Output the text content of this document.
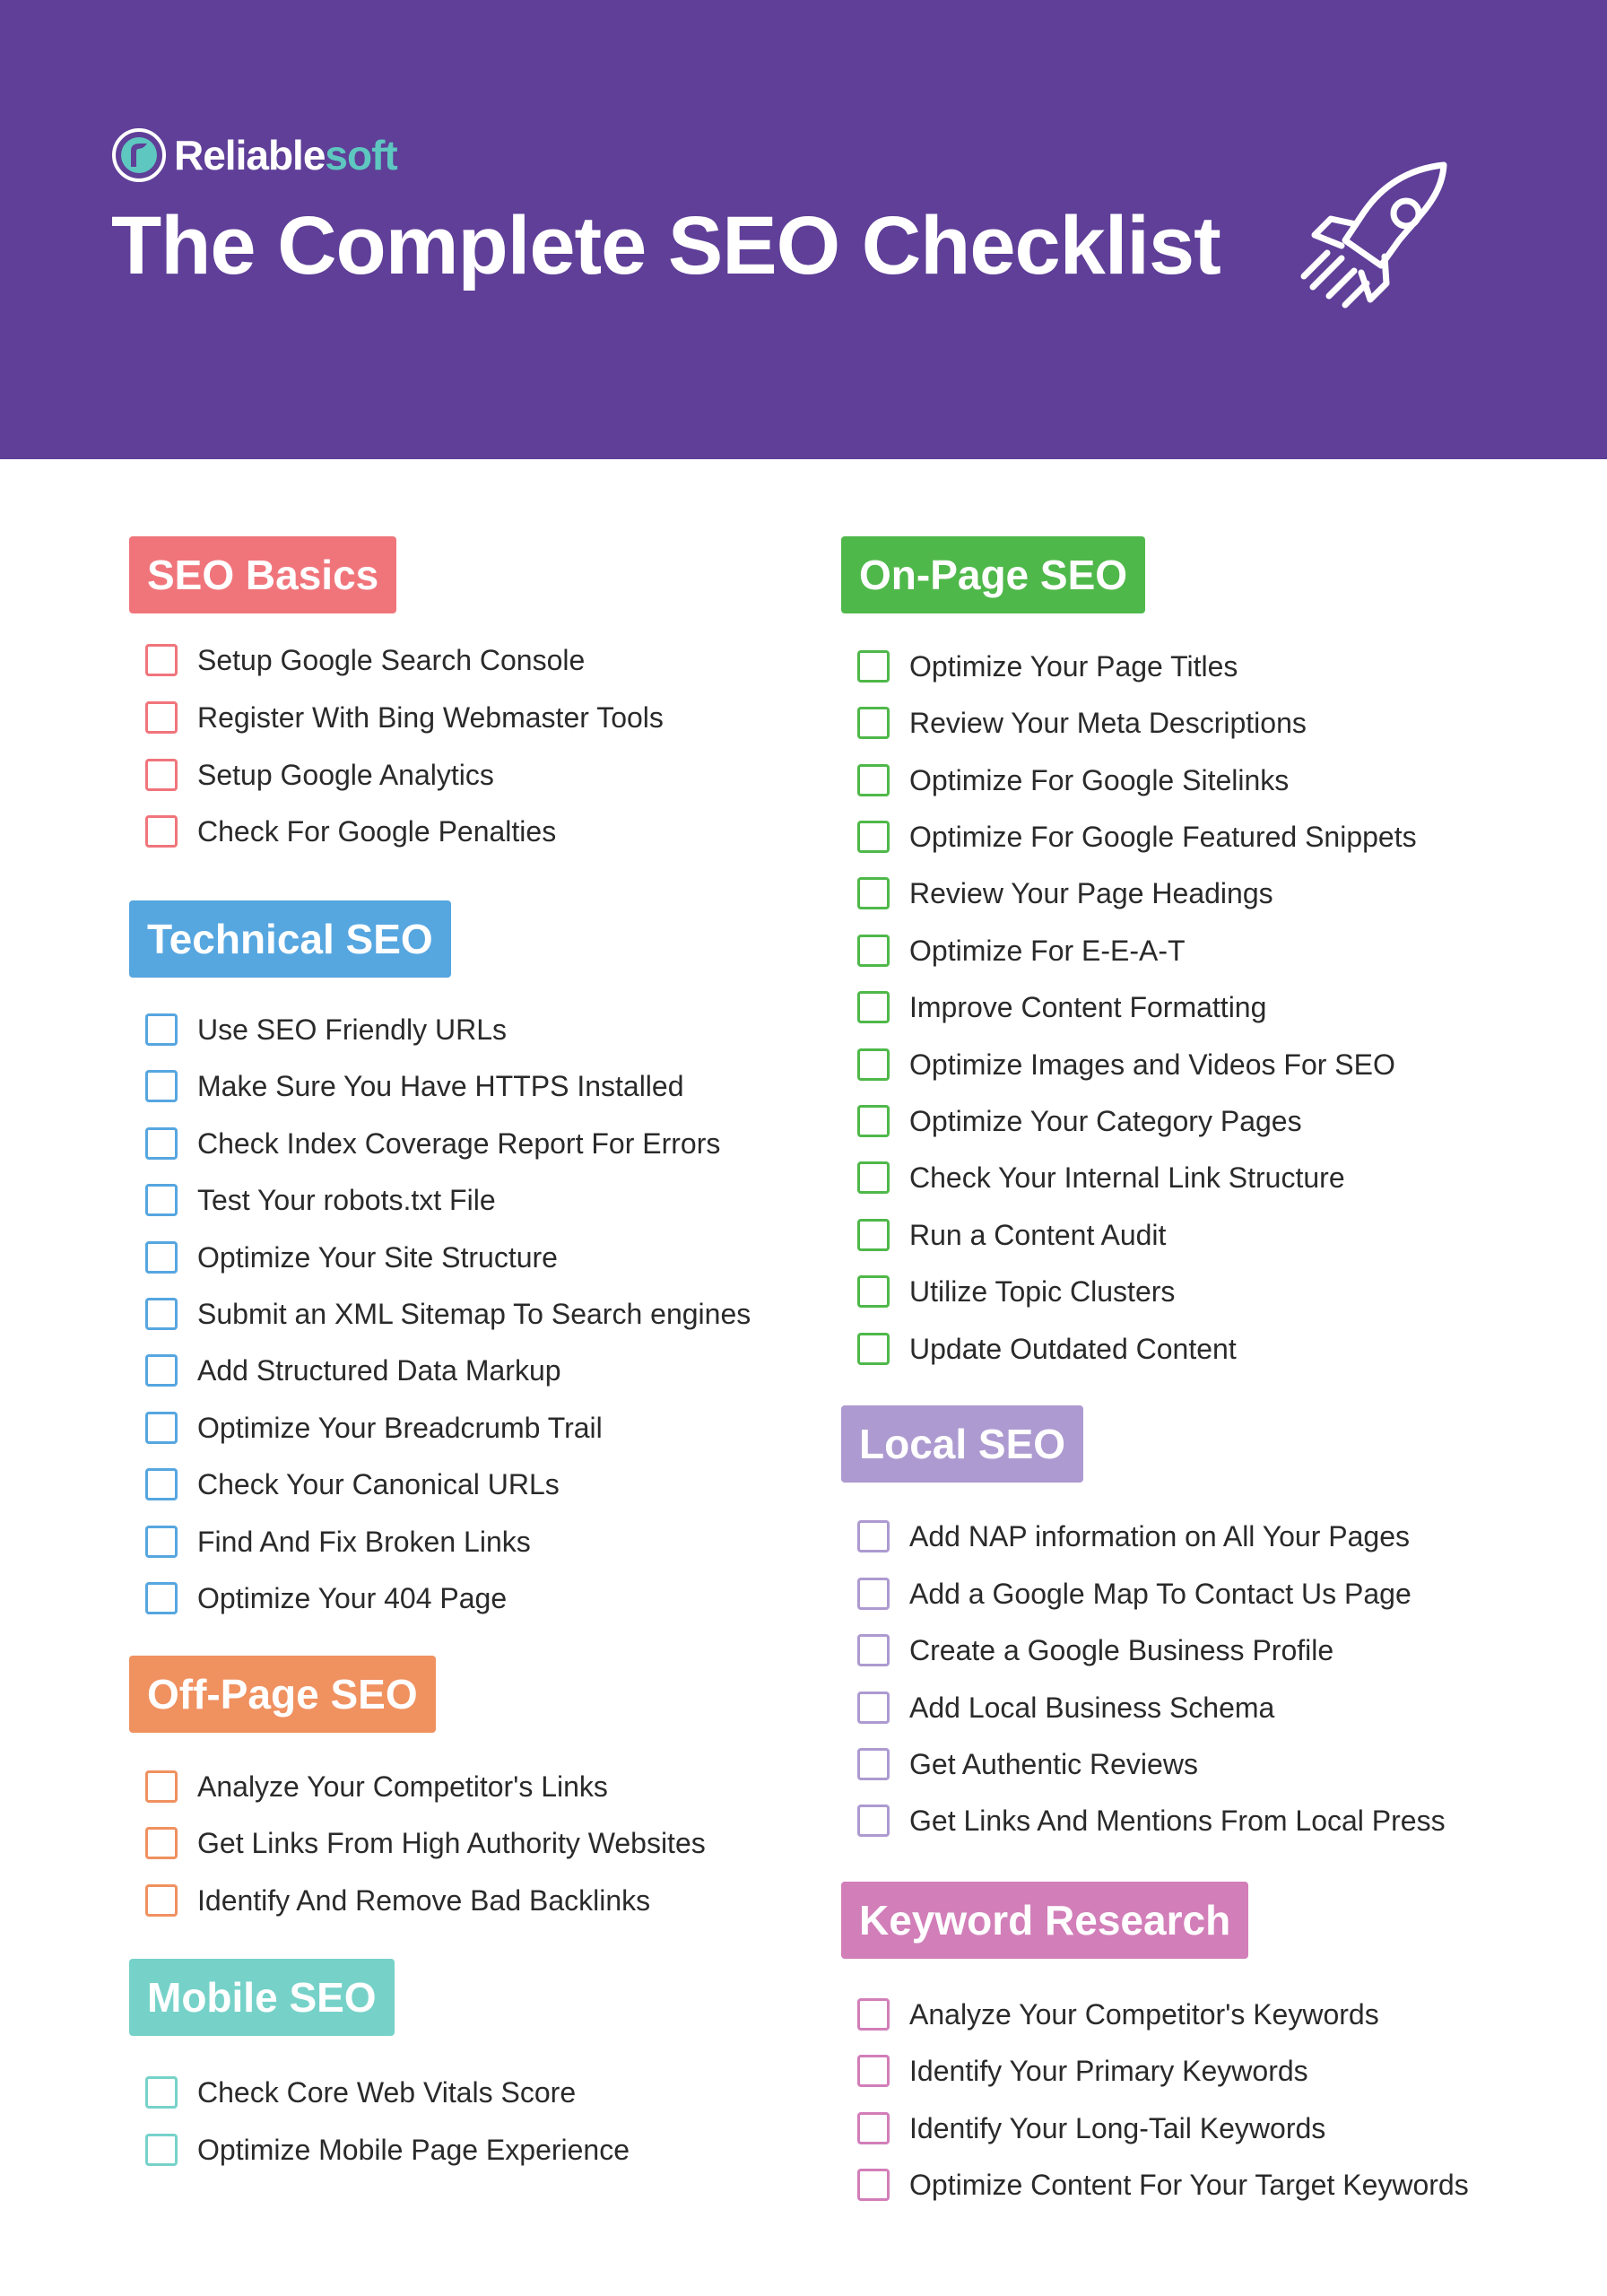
Reliablesoft
The Complete SEO Checklist
SEO Basics
Setup Google Search Console
Register With Bing Webmaster Tools
Setup Google Analytics
Check For Google Penalties
Technical SEO
Use SEO Friendly URLs
Make Sure You Have HTTPS Installed
Check Index Coverage Report For Errors
Test Your robots.txt File
Optimize Your Site Structure
Submit an XML Sitemap To Search engines
Add Structured Data Markup
Optimize Your Breadcrumb Trail
Check Your Canonical URLs
Find And Fix Broken Links
Optimize Your 404 Page
Off-Page SEO
Analyze Your Competitor's Links
Get Links From High Authority Websites
Identify And Remove Bad Backlinks
Mobile SEO
Check Core Web Vitals Score
Optimize Mobile Page Experience
On-Page SEO
Optimize Your Page Titles
Review Your Meta Descriptions
Optimize For Google Sitelinks
Optimize For Google Featured Snippets
Review Your Page Headings
Optimize For E-E-A-T
Improve Content Formatting
Optimize Images and Videos For SEO
Optimize Your Category Pages
Check Your Internal Link Structure
Run a Content Audit
Utilize Topic Clusters
Update Outdated Content
Local SEO
Add NAP information on All Your Pages
Add a Google Map To Contact Us Page
Create a Google Business Profile
Add Local Business Schema
Get Authentic Reviews
Get Links And Mentions From Local Press
Keyword Research
Analyze Your Competitor's Keywords
Identify Your Primary Keywords
Identify Your Long-Tail Keywords
Optimize Content For Your Target Keywords
